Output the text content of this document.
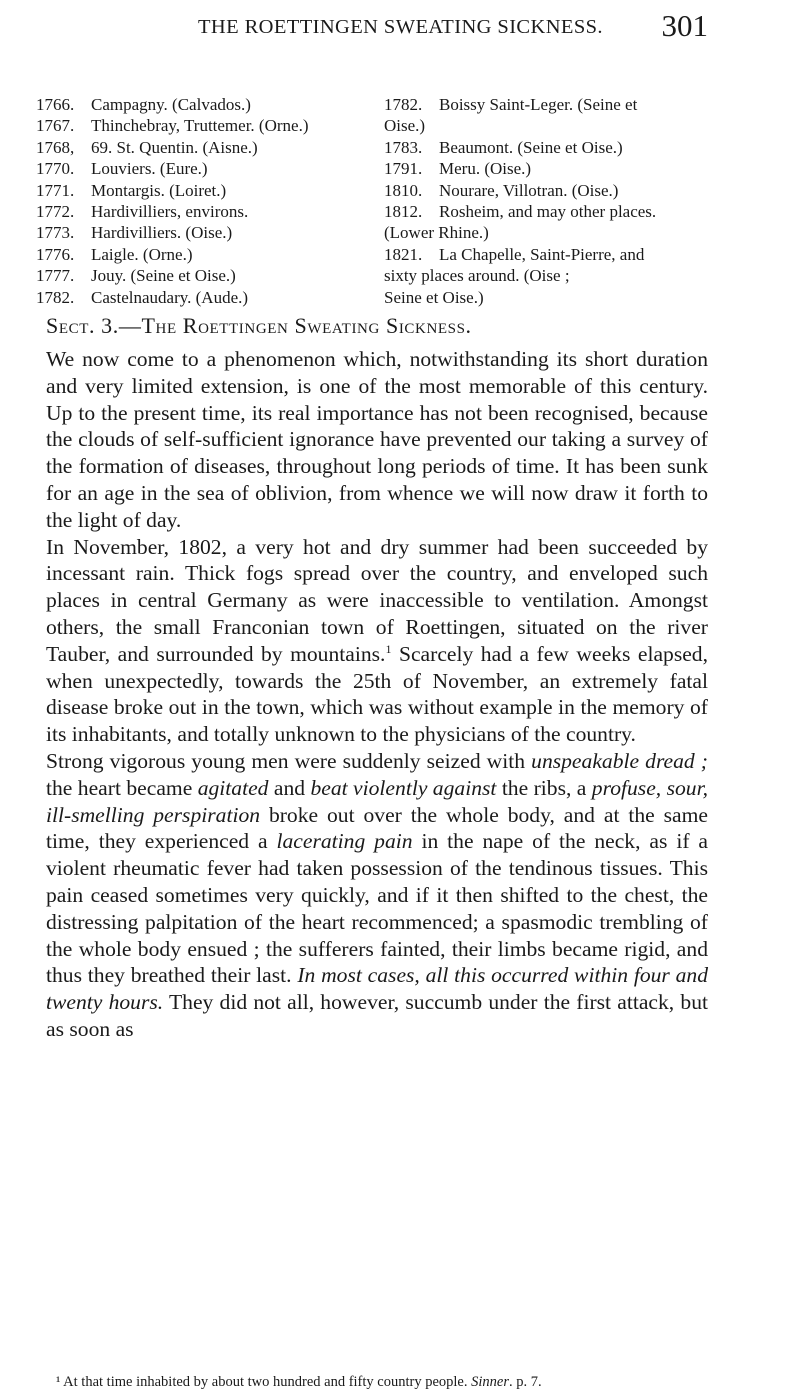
THE ROETTINGEN SWEATING SICKNESS. 301
1766. Campagny. (Calvados.)
1767. Thinchebray, Truttemer. (Orne.)
1768, 69. St. Quentin. (Aisne.)
1770. Louviers. (Eure.)
1771. Montargis. (Loiret.)
1772. Hardivilliers, environs.
1773. Hardivilliers. (Oise.)
1776. Laigle. (Orne.)
1777. Jouy. (Seine et Oise.)
1782. Castelnaudary. (Aude.)
1782. Boissy Saint-Leger. (Seine et
Oise.)
1783. Beaumont. (Seine et Oise.)
1791. Meru. (Oise.)
1810. Nourare, Villotran. (Oise.)
1812. Rosheim, and may other places.
(Lower Rhine.)
1821. La Chapelle, Saint-Pierre, and
sixty places around. (Oise ;
Seine et Oise.)
Sect. 3.—The Roettingen Sweating Sickness.

We now come to a phenomenon which, notwithstanding its short duration and very limited extension, is one of the most memorable of this century. Up to the present time, its real importance has not been recognised, because the clouds of self-sufficient ignorance have prevented our taking a survey of the formation of diseases, throughout long periods of time. It has been sunk for an age in the sea of oblivion, from whence we will now draw it forth to the light of day.

In November, 1802, a very hot and dry summer had been succeeded by incessant rain. Thick fogs spread over the country, and enveloped such places in central Germany as were inaccessible to ventilation. Amongst others, the small Franconian town of Roettingen, situated on the river Tauber, and surrounded by mountains.$^1$ Scarcely had a few weeks elapsed, when unexpectedly, towards the 25th of November, an extremely fatal disease broke out in the town, which was without example in the memory of its inhabitants, and totally unknown to the physicians of the country.

Strong vigorous young men were suddenly seized with unspeakable dread ; the heart became agitated and beat violently against the ribs, a profuse, sour, ill-smelling perspiration broke out over the whole body, and at the same time, they experienced a lacerating pain in the nape of the neck, as if a violent rheumatic fever had taken possession of the tendinous tissues. This pain ceased sometimes very quickly, and if it then shifted to the chest, the distressing palpitation of the heart recommenced; a spasmodic trembling of the whole body ensued ; the sufferers fainted, their limbs became rigid, and thus they breathed their last. In most cases, all this occurred within four and twenty hours. They did not all, however, succumb under the first attack, but as soon as

¹ At that time inhabited by about two hundred and fifty country people. Sinner. p. 7.
